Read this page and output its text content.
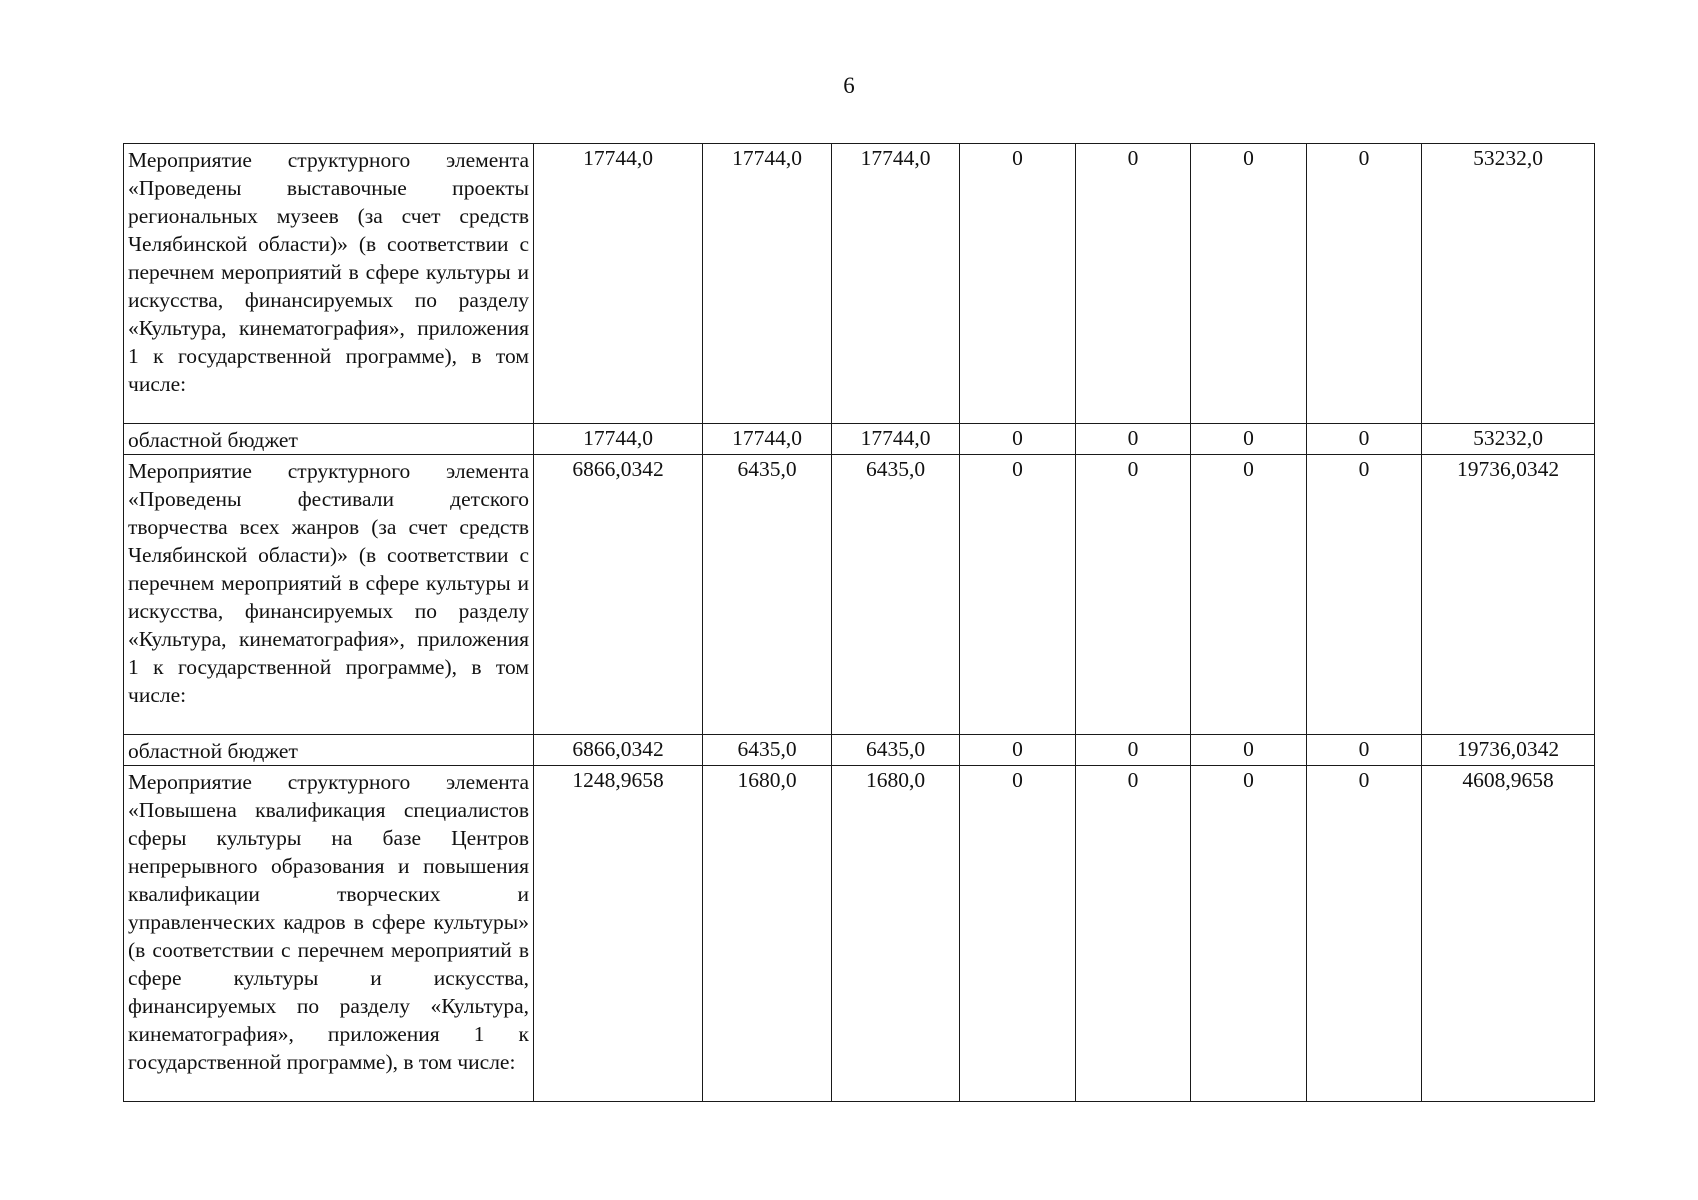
6
Мероприятие структурного элемента «Проведены выставочные проекты региональных музеев (за счет средств Челябинской области)» (в соответствии с перечнем мероприятий в сфере культуры и искусства, финансируемых по разделу «Культура, кинематография», приложения 1 к государственной программе), в том числе:	17744,0	17744,0	17744,0	0	0	0	0	53232,0

областной бюджет	17744,0	17744,0	17744,0	0	0	0	0	53232,0

Мероприятие структурного элемента «Проведены фестивали детского творчества всех жанров (за счет средств Челябинской области)» (в соответствии с перечнем мероприятий в сфере культуры и искусства, финансируемых по разделу «Культура, кинематография», приложения 1 к государственной программе), в том числе:	6866,0342	6435,0	6435,0	0	0	0	0	19736,0342

областной бюджет	6866,0342	6435,0	6435,0	0	0	0	0	19736,0342

Мероприятие структурного элемента «Повышена квалификация специалистов сферы культуры на базе Центров непрерывного образования и повышения квалификации творческих и управленческих кадров в сфере культуры» (в соответствии с перечнем мероприятий в сфере культуры и искусства, финансируемых по разделу «Культура, кинематография», приложения 1 к государственной программе), в том числе:	1248,9658	1680,0	1680,0	0	0	0	0	4608,9658
